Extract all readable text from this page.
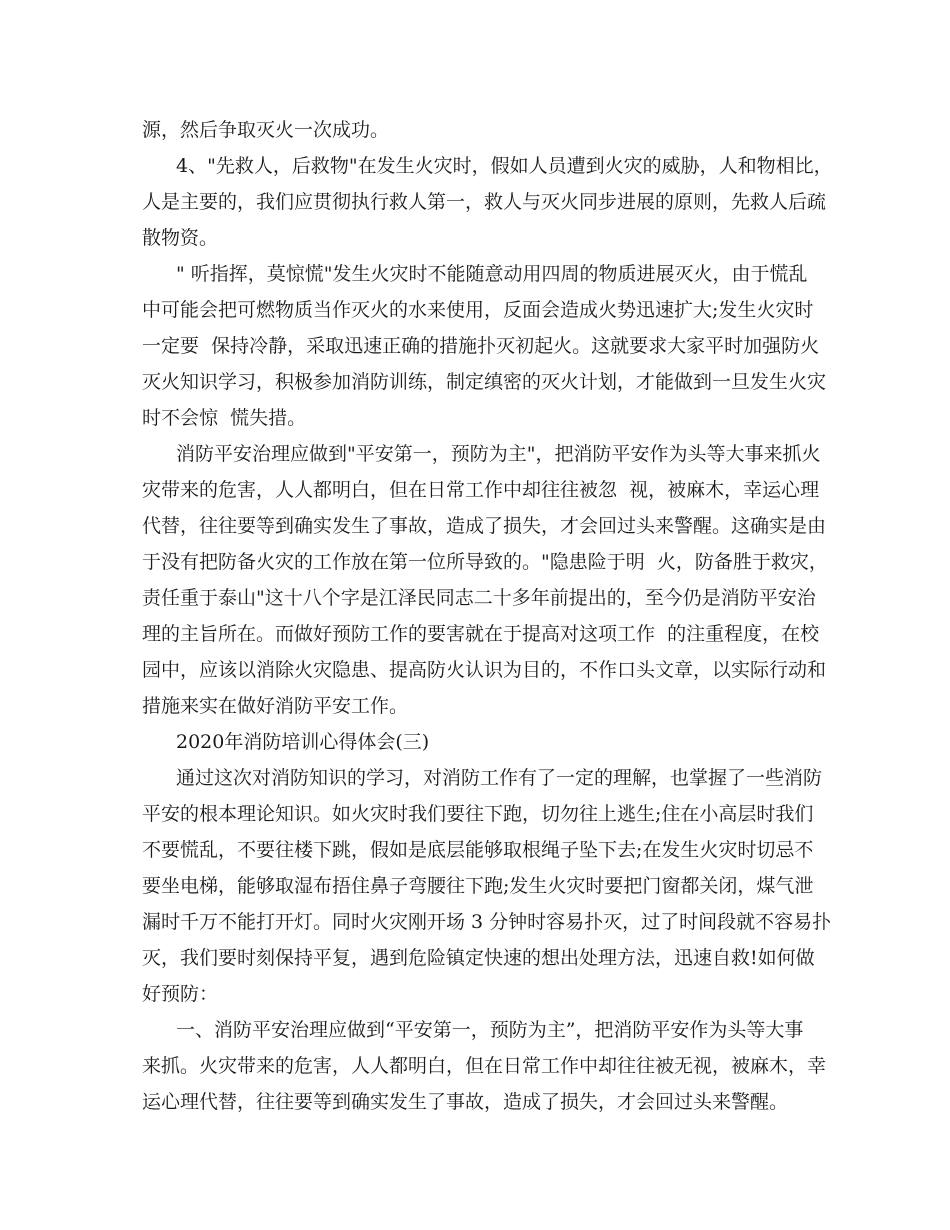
源，然后争取灭火一次成功。
4、"先救人，后救物"在发生火灾时，假如人员遭到火灾的威胁，人和物相比，
人是主要的，我们应贯彻执行救人第一，救人与灭火同步进展的原则，先救人后疏
散物资。
" 听指挥，莫惊慌"发生火灾时不能随意动用四周的物质进展灭火，由于慌乱
中可能会把可燃物质当作灭火的水来使用，反面会造成火势迅速扩大;发生火灾时
一定要  保持冷静，采取迅速正确的措施扑灭初起火。这就要求大家平时加强防火
灭火知识学习，积极参加消防训练，制定缜密的灭火计划，才能做到一旦发生火灾
时不会惊  慌失措。
消防平安治理应做到"平安第一，预防为主"，把消防平安作为头等大事来抓火
灾带来的危害，人人都明白，但在日常工作中却往往被忽  视，被麻木，幸运心理
代替，往往要等到确实发生了事故，造成了损失，才会回过头来警醒。这确实是由
于没有把防备火灾的工作放在第一位所导致的。"隐患险于明  火，防备胜于救灾，
责任重于泰山"这十八个字是江泽民同志二十多年前提出的，至今仍是消防平安治
理的主旨所在。而做好预防工作的要害就在于提高对这项工作  的注重程度，在校
园中，应该以消除火灾隐患、提高防火认识为目的，不作口头文章，以实际行动和
措施来实在做好消防平安工作。
2020年消防培训心得体会(三)
通过这次对消防知识的学习，对消防工作有了一定的理解，也掌握了一些消防
平安的根本理论知识。如火灾时我们要往下跑，切勿往上逃生;住在小高层时我们
不要慌乱，不要往楼下跳，假如是底层能够取根绳子坠下去;在发生火灾时切忌不
要坐电梯，能够取湿布捂住鼻子弯腰往下跑;发生火灾时要把门窗都关闭，煤气泄
漏时千万不能打开灯。同时火灾刚开场 3 分钟时容易扑灭，过了时间段就不容易扑
灭，我们要时刻保持平复，遇到危险镇定快速的想出处理方法，迅速自救!如何做
好预防：
一、消防平安治理应做到“平安第一，预防为主”，把消防平安作为头等大事
来抓。火灾带来的危害，人人都明白，但在日常工作中却往往被无视，被麻木，幸
运心理代替，往往要等到确实发生了事故，造成了损失，才会回过头来警醒。
